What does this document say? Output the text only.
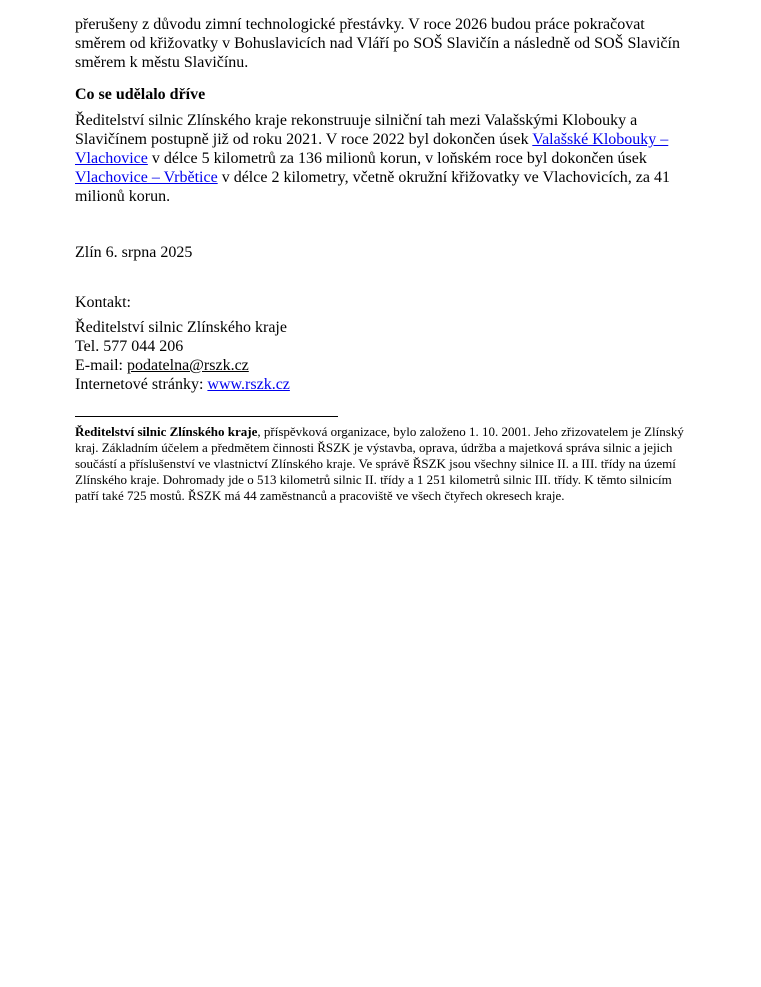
přerušeny z důvodu zimní technologické přestávky. V roce 2026 budou práce pokračovat směrem od křižovatky v Bohuslavicích nad Vláří po SOŠ Slavičín a následně od SOŠ Slavičín směrem k městu Slavičínu.

Co se udělalo dříve

Ředitelství silnic Zlínského kraje rekonstruuje silniční tah mezi Valašskými Klobouky a Slavičínem postupně již od roku 2021. V roce 2022 byl dokončen úsek Valašské Klobouky – Vlachovice v délce 5 kilometrů za 136 milionů korun, v loňském roce byl dokončen úsek Vlachovice – Vrbětice v délce 2 kilometry, včetně okružní křižovatky ve Vlachovicích, za 41 milionů korun.

Zlín 6. srpna 2025

Kontakt:

Ředitelství silnic Zlínského kraje
Tel. 577 044 206
E-mail: podatelna@rszk.cz
Internetové stránky: www.rszk.cz

Ředitelství silnic Zlínského kraje, příspěvková organizace, bylo založeno 1. 10. 2001. Jeho zřizovatelem je Zlínský kraj. Základním účelem a předmětem činnosti ŘSZK je výstavba, oprava, údržba a majetková správa silnic a jejich součástí a příslušenství ve vlastnictví Zlínského kraje. Ve správě ŘSZK jsou všechny silnice II. a III. třídy na území Zlínského kraje. Dohromady jde o 513 kilometrů silnic II. třídy a 1 251 kilometrů silnic III. třídy. K těmto silnicím patří také 725 mostů. ŘSZK má 44 zaměstnanců a pracoviště ve všech čtyřech okresech kraje.
